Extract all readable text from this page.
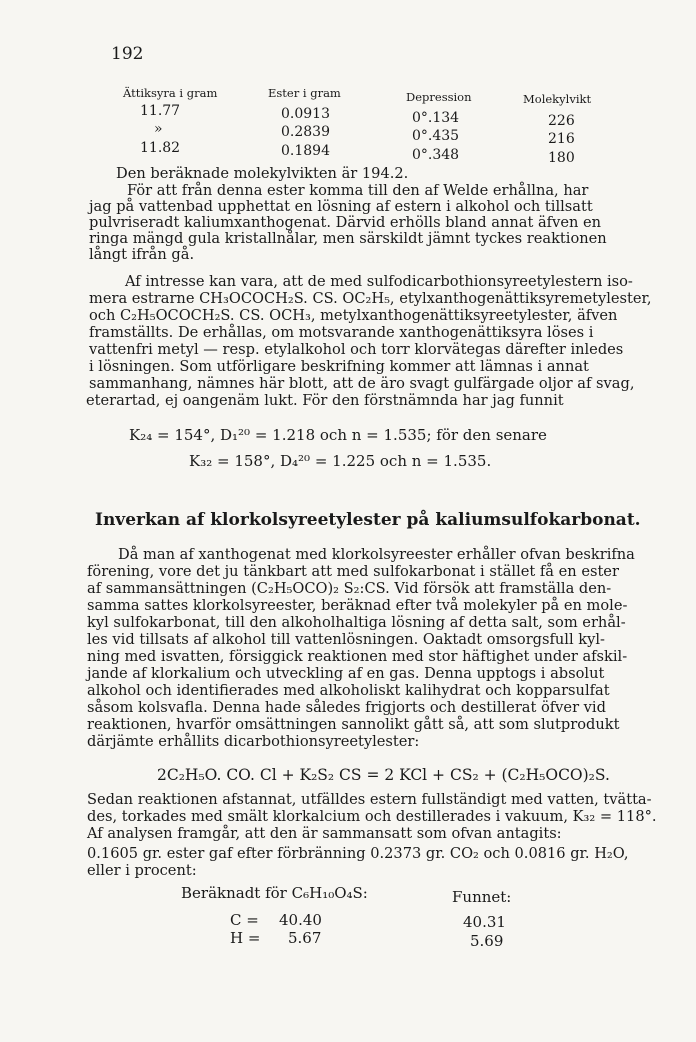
192
Ättiksyra i gram	Ester i gram	Depression	Molekylvikt
11.77	0.0913	0°.134	226
»	0.2839	0°.435	216
11.82	0.1894	0°.348	180
Den beräknade molekylvikten är 194.2.
För att från denna ester komma till den af Welde erhållna, har
jag på vattenbad upphettat en lösning af estern i alkohol och tillsatt
pulvriseradt kaliumxanthogenat. Därvid erhölls bland annat äfven en
ringa mängd gula kristallnålar, men särskildt jämnt tyckes reaktionen
långt ifrån gå.
Af intresse kan vara, att de med sulfodicarbothionsyreetylestern iso-
mera estrarne CH₃OCOCH₂S. CS. OC₂H₅, etylxanthogenättiksyremetylester,
och C₂H₅OCOCH₂S. CS. OCH₃, metylxanthogenättiksyreetylester, äfven
framställts. De erhållas, om motsvarande xanthogenättiksyra löses i
vattenfri metyl — resp. etylalkohol och torr klorvätegas därefter inledes
i lösningen. Som utförligare beskrifning kommer att lämnas i annat
sammanhang, nämnes här blott, att de äro svagt gulfärgade oljor af svag,
eterartad, ej oangenäm lukt. För den förstnämnda har jag funnit
K₂₄ = 154°, D₁²⁰ = 1.218 och n = 1.535; för den senare
K₃₂ = 158°, D₄²⁰ = 1.225 och n = 1.535.
Inverkan af klorkolsyreetylester på kaliumsulfokarbonat.
Då man af xanthogenat med klorkolsyreester erhåller ofvan beskrifna
förening, vore det ju tänkbart att med sulfokarbonat i stället få en ester
af sammansättningen (C₂H₅OCO)₂ S₂:CS. Vid försök att framställa den-
samma sattes klorkolsyreester, beräknad efter två molekyler på en mole-
kyl sulfokarbonat, till den alkoholhaltiga lösning af detta salt, som erhål-
les vid tillsats af alkohol till vattenlösningen. Oaktadt omsorgsfull kyl-
ning med isvatten, försiggick reaktionen med stor häftighet under afskil-
jande af klorkalium och utveckling af en gas. Denna upptogs i absolut
alkohol och identifierades med alkoholiskt kalihydrat och kopparsulfat
såsom kolsvafla. Denna hade således frigjorts och destillerat öfver vid
reaktionen, hvarför omsättningen sannolikt gått så, att som slutprodukt
därjämte erhållits dicarbothionsyreetylester:
2C₂H₅O. CO. Cl + K₂S₂ CS = 2 KCl + CS₂ + (C₂H₅OCO)₂S.
Sedan reaktionen afstannat, utfälldes estern fullständigt med vatten, tvätta-
des, torkades med smält klorkalcium och destillerades i vakuum, K₃₂ = 118°.
Af analysen framgår, att den är sammansatt som ofvan antagits:
0.1605 gr. ester gaf efter förbränning 0.2373 gr. CO₂ och 0.0816 gr. H₂O,
eller i procent:
Beräknadt för C₆H₁₀O₄S:	Funnet:
C = 40.40	40.31
H = 5.67	5.69
